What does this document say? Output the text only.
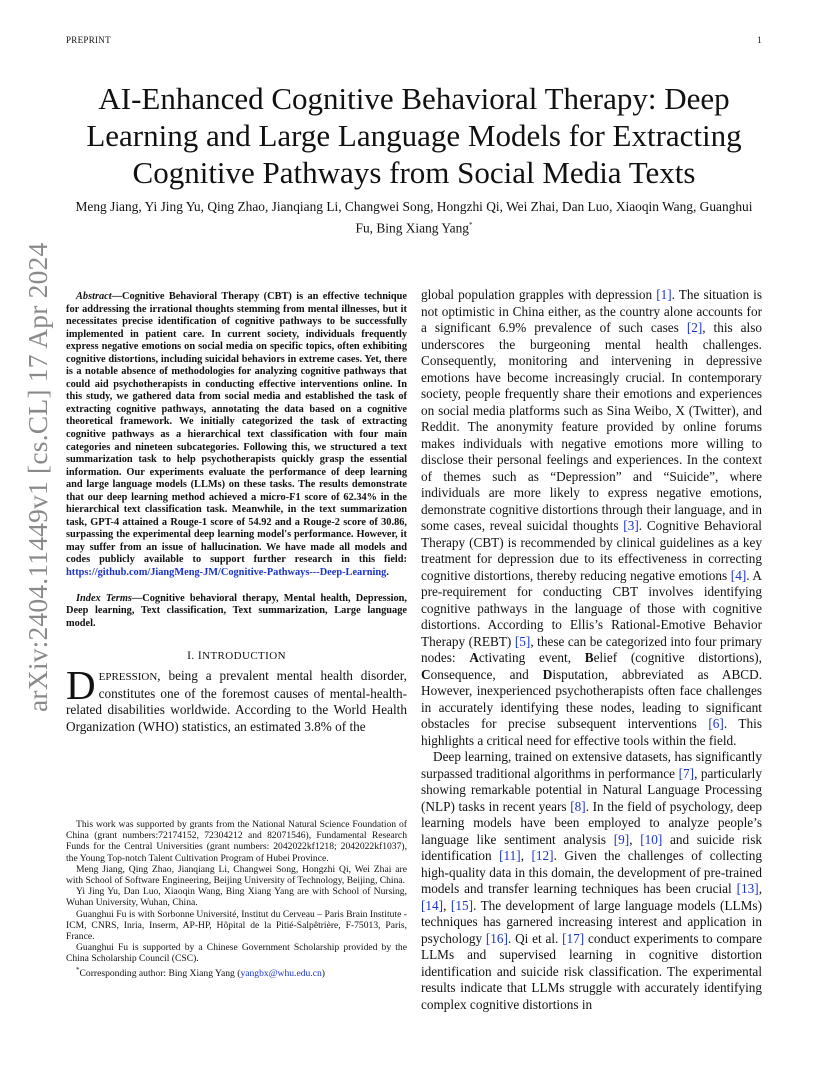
PREPRINT	1
arXiv:2404.11449v1 [cs.CL] 17 Apr 2024
AI-Enhanced Cognitive Behavioral Therapy: Deep Learning and Large Language Models for Extracting Cognitive Pathways from Social Media Texts
Meng Jiang, Yi Jing Yu, Qing Zhao, Jianqiang Li, Changwei Song, Hongzhi Qi, Wei Zhai, Dan Luo, Xiaoqin Wang, Guanghui Fu, Bing Xiang Yang*

Abstract—Cognitive Behavioral Therapy (CBT) is an effective technique for addressing the irrational thoughts stemming from mental illnesses, but it necessitates precise identification of cognitive pathways to be successfully implemented in patient care. In current society, individuals frequently express negative emotions on social media on specific topics, often exhibiting cognitive distortions, including suicidal behaviors in extreme cases. Yet, there is a notable absence of methodologies for analyzing cognitive pathways that could aid psychotherapists in conducting effective interventions online. In this study, we gathered data from social media and established the task of extracting cognitive pathways, annotating the data based on a cognitive theoretical framework. We initially categorized the task of extracting cognitive pathways as a hierarchical text classification with four main categories and nineteen subcategories. Following this, we structured a text summarization task to help psychotherapists quickly grasp the essential information. Our experiments evaluate the performance of deep learning and large language models (LLMs) on these tasks. The results demonstrate that our deep learning method achieved a micro-F1 score of 62.34% in the hierarchical text classification task. Meanwhile, in the text summarization task, GPT-4 attained a Rouge-1 score of 54.92 and a Rouge-2 score of 30.86, surpassing the experimental deep learning model's performance. However, it may suffer from an issue of hallucination. We have made all models and codes publicly available to support further research in this field: https://github.com/JiangMeng-JM/Cognitive-Pathways---Deep-Learning.

Index Terms—Cognitive behavioral therapy, Mental health, Depression, Deep learning, Text classification, Text summarization, Large language model.

I. INTRODUCTION

DEPRESSION, being a prevalent mental health disorder, constitutes one of the foremost causes of mental-health-related disabilities worldwide. According to the World Health Organization (WHO) statistics, an estimated 3.8% of the

This work was supported by grants from the National Natural Science Foundation of China (grant numbers:72174152, 72304212 and 82071546), Fundamental Research Funds for the Central Universities (grant numbers: 2042022kf1218; 2042022kf1037), the Young Top-notch Talent Cultivation Program of Hubei Province.

Meng Jiang, Qing Zhao, Jianqiang Li, Changwei Song, Hongzhi Qi, Wei Zhai are with School of Software Engineering, Beijing University of Technology, Beijing, China.

Yi Jing Yu, Dan Luo, Xiaoqin Wang, Bing Xiang Yang are with School of Nursing, Wuhan University, Wuhan, China.

Guanghui Fu is with Sorbonne Université, Institut du Cerveau – Paris Brain Institute - ICM, CNRS, Inria, Inserm, AP-HP, Hôpital de la Pitié-Salpêtrière, F-75013, Paris, France.

Guanghui Fu is supported by a Chinese Government Scholarship provided by the China Scholarship Council (CSC).

*Corresponding author: Bing Xiang Yang (yangbx@whu.edu.cn)

global population grapples with depression [1]. The situation is not optimistic in China either, as the country alone accounts for a significant 6.9% prevalence of such cases [2], this also underscores the burgeoning mental health challenges. Consequently, monitoring and intervening in depressive emotions have become increasingly crucial. In contemporary society, people frequently share their emotions and experiences on social media platforms such as Sina Weibo, X (Twitter), and Reddit. The anonymity feature provided by online forums makes individuals with negative emotions more willing to disclose their personal feelings and experiences. In the context of themes such as “Depression” and “Suicide”, where individuals are more likely to express negative emotions, demonstrate cognitive distortions through their language, and in some cases, reveal suicidal thoughts [3]. Cognitive Behavioral Therapy (CBT) is recommended by clinical guidelines as a key treatment for depression due to its effectiveness in correcting cognitive distortions, thereby reducing negative emotions [4]. A pre-requirement for conducting CBT involves identifying cognitive pathways in the language of those with cognitive distortions. According to Ellis’s Rational-Emotive Behavior Therapy (REBT) [5], these can be categorized into four primary nodes: Activating event, Belief (cognitive distortions), Consequence, and Disputation, abbreviated as ABCD. However, inexperienced psychotherapists often face challenges in accurately identifying these nodes, leading to significant obstacles for precise subsequent interventions [6]. This highlights a critical need for effective tools within the field.

Deep learning, trained on extensive datasets, has significantly surpassed traditional algorithms in performance [7], particularly showing remarkable potential in Natural Language Processing (NLP) tasks in recent years [8]. In the field of psychology, deep learning models have been employed to analyze people’s language like sentiment analysis [9], [10] and suicide risk identification [11], [12]. Given the challenges of collecting high-quality data in this domain, the development of pre-trained models and transfer learning techniques has been crucial [13], [14], [15]. The development of large language models (LLMs) techniques has garnered increasing interest and application in psychology [16]. Qi et al. [17] conduct experiments to compare LLMs and supervised learning in cognitive distortion identification and suicide risk classification. The experimental results indicate that LLMs struggle with accurately identifying complex cognitive distortions in
